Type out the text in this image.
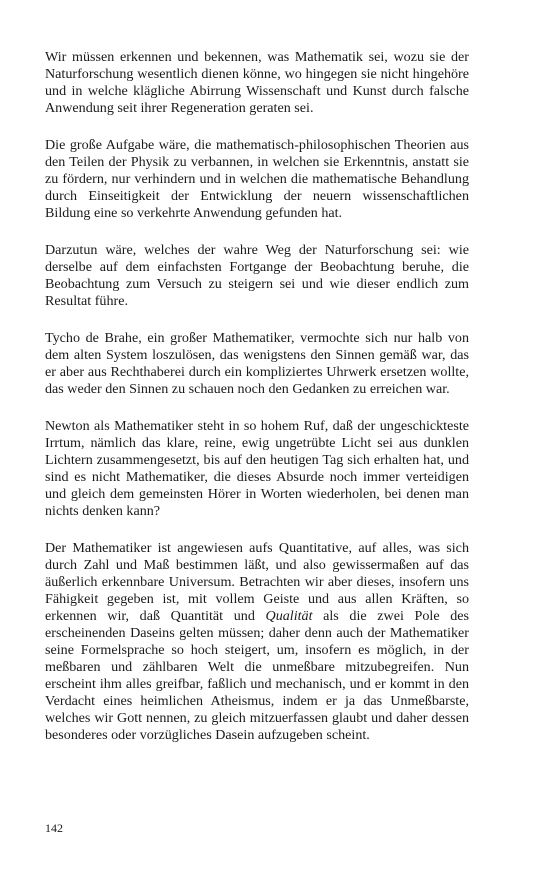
Wir müssen erkennen und bekennen, was Mathematik sei, wozu sie der Naturforschung wesentlich dienen könne, wo hingegen sie nicht hingehöre und in welche klägliche Abirrung Wissenschaft und Kunst durch falsche Anwendung seit ihrer Regeneration geraten sei.

Die große Aufgabe wäre, die mathematisch-philosophischen Theorien aus den Teilen der Physik zu verbannen, in welchen sie Erkenntnis, anstatt sie zu fördern, nur verhindern und in welchen die mathematische Behandlung durch Einseitigkeit der Entwicklung der neuern wissenschaftlichen Bildung eine so verkehrte Anwendung gefunden hat.

Darzutun wäre, welches der wahre Weg der Naturforschung sei: wie derselbe auf dem einfachsten Fortgange der Beobachtung beruhe, die Beobachtung zum Versuch zu steigern sei und wie dieser endlich zum Resultat führe.

Tycho de Brahe, ein großer Mathematiker, vermochte sich nur halb von dem alten System loszulösen, das wenigstens den Sinnen gemäß war, das er aber aus Rechthaberei durch ein kompliziertes Uhrwerk ersetzen wollte, das weder den Sinnen zu schauen noch den Gedanken zu erreichen war.

Newton als Mathematiker steht in so hohem Ruf, daß der ungeschickteste Irrtum, nämlich das klare, reine, ewig ungetrübte Licht sei aus dunklen Lichtern zusammengesetzt, bis auf den heutigen Tag sich erhalten hat, und sind es nicht Mathematiker, die dieses Absurde noch immer verteidigen und gleich dem gemeinsten Hörer in Worten wiederholen, bei denen man nichts denken kann?

Der Mathematiker ist angewiesen aufs Quantitative, auf alles, was sich durch Zahl und Maß bestimmen läßt, und also gewissermaßen auf das äußerlich erkennbare Universum. Betrachten wir aber dieses, insofern uns Fähigkeit gegeben ist, mit vollem Geiste und aus allen Kräften, so erkennen wir, daß Quantität und Qualität als die zwei Pole des erscheinenden Daseins gelten müssen; daher denn auch der Mathematiker seine Formelsprache so hoch steigert, um, insofern es möglich, in der meßbaren und zählbaren Welt die unmeßbare mitzubegreifen. Nun erscheint ihm alles greifbar, faßlich und mechanisch, und er kommt in den Verdacht eines heimlichen Atheismus, indem er ja das Unmeßbarste, welches wir Gott nennen, zu gleich mitzuerfassen glaubt und daher dessen besonderes oder vorzügliches Dasein aufzugeben scheint.

142
